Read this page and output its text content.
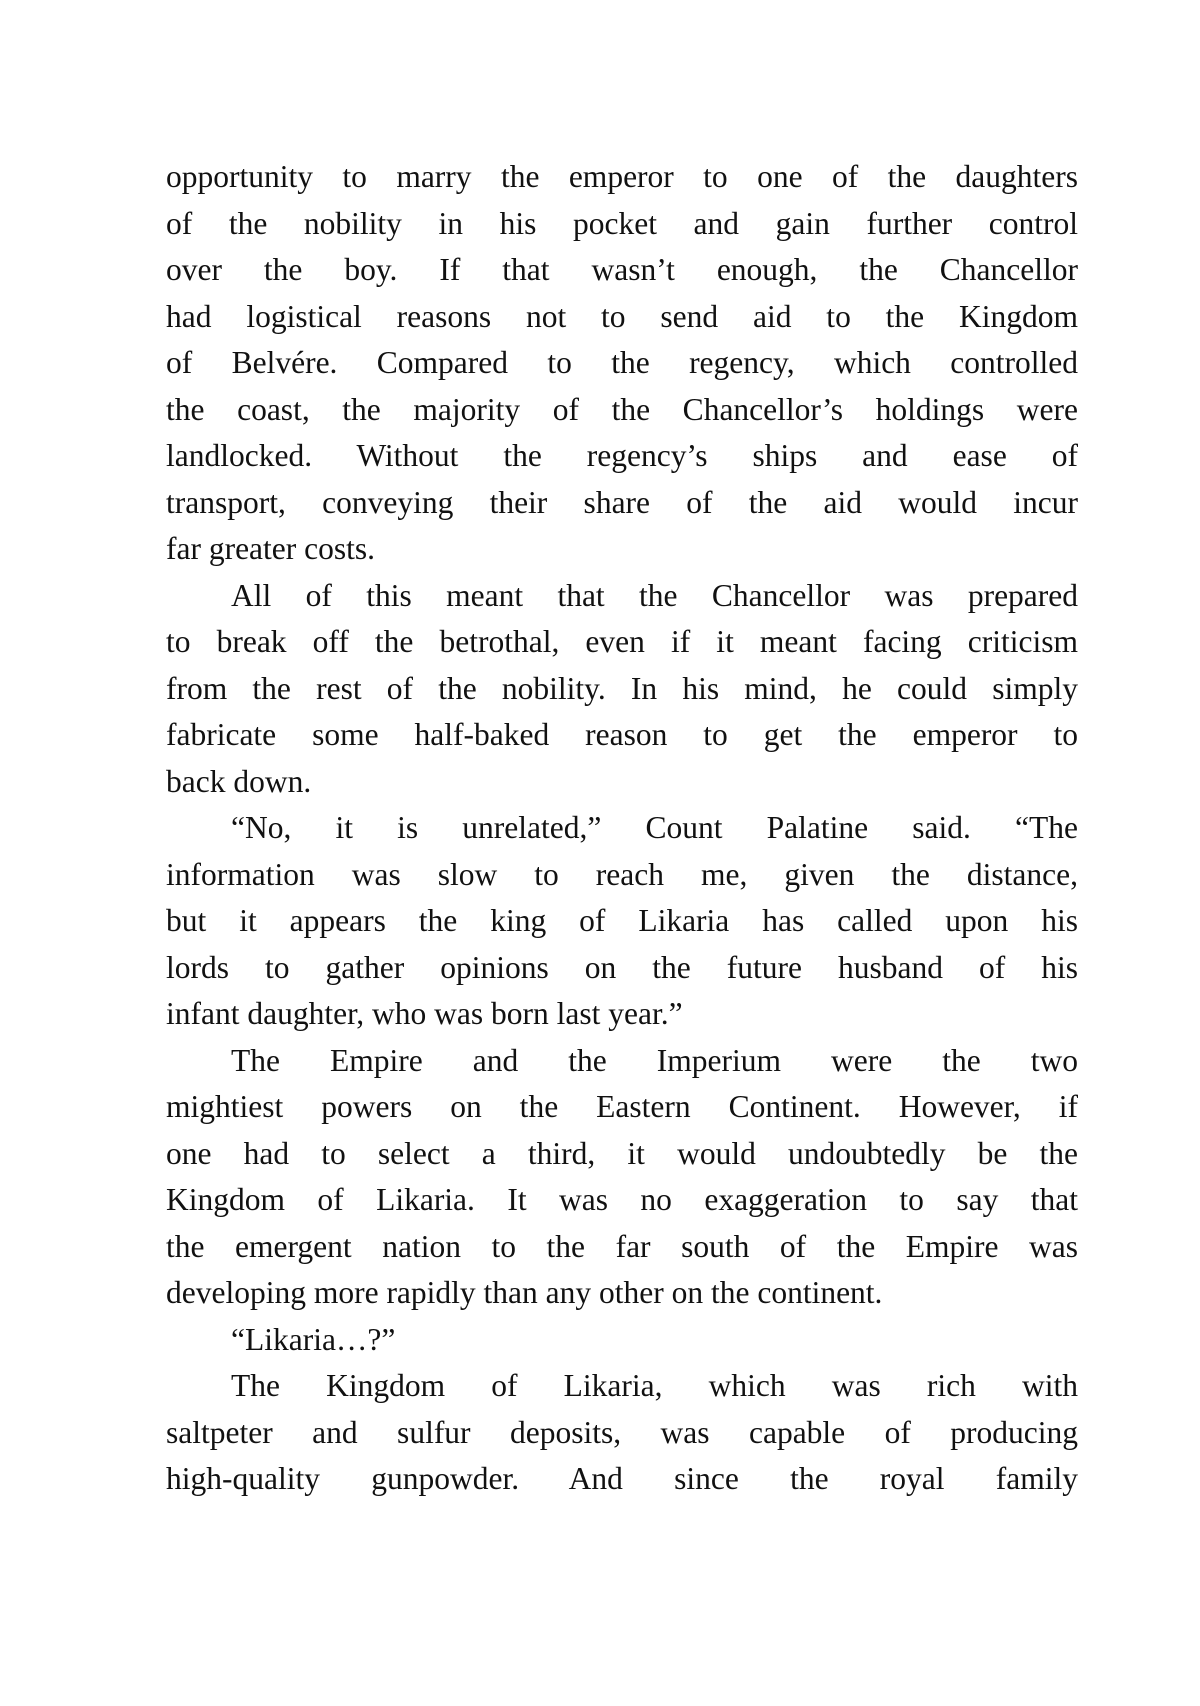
opportunity to marry the emperor to one of the daughters
of the nobility in his pocket and gain further control
over the boy. If that wasn’t enough, the Chancellor
had logistical reasons not to send aid to the Kingdom
of Belvére. Compared to the regency, which controlled
the coast, the majority of the Chancellor’s holdings were
landlocked. Without the regency’s ships and ease of
transport, conveying their share of the aid would incur
far greater costs.
All of this meant that the Chancellor was prepared
to break off the betrothal, even if it meant facing criticism
from the rest of the nobility. In his mind, he could simply
fabricate some half-baked reason to get the emperor to
back down.
“No, it is unrelated,” Count Palatine said. “The
information was slow to reach me, given the distance,
but it appears the king of Likaria has called upon his
lords to gather opinions on the future husband of his
infant daughter, who was born last year.”
The Empire and the Imperium were the two
mightiest powers on the Eastern Continent. However, if
one had to select a third, it would undoubtedly be the
Kingdom of Likaria. It was no exaggeration to say that
the emergent nation to the far south of the Empire was
developing more rapidly than any other on the continent.
“Likaria…?”
The Kingdom of Likaria, which was rich with
saltpeter and sulfur deposits, was capable of producing
high-quality gunpowder. And since the royal family
